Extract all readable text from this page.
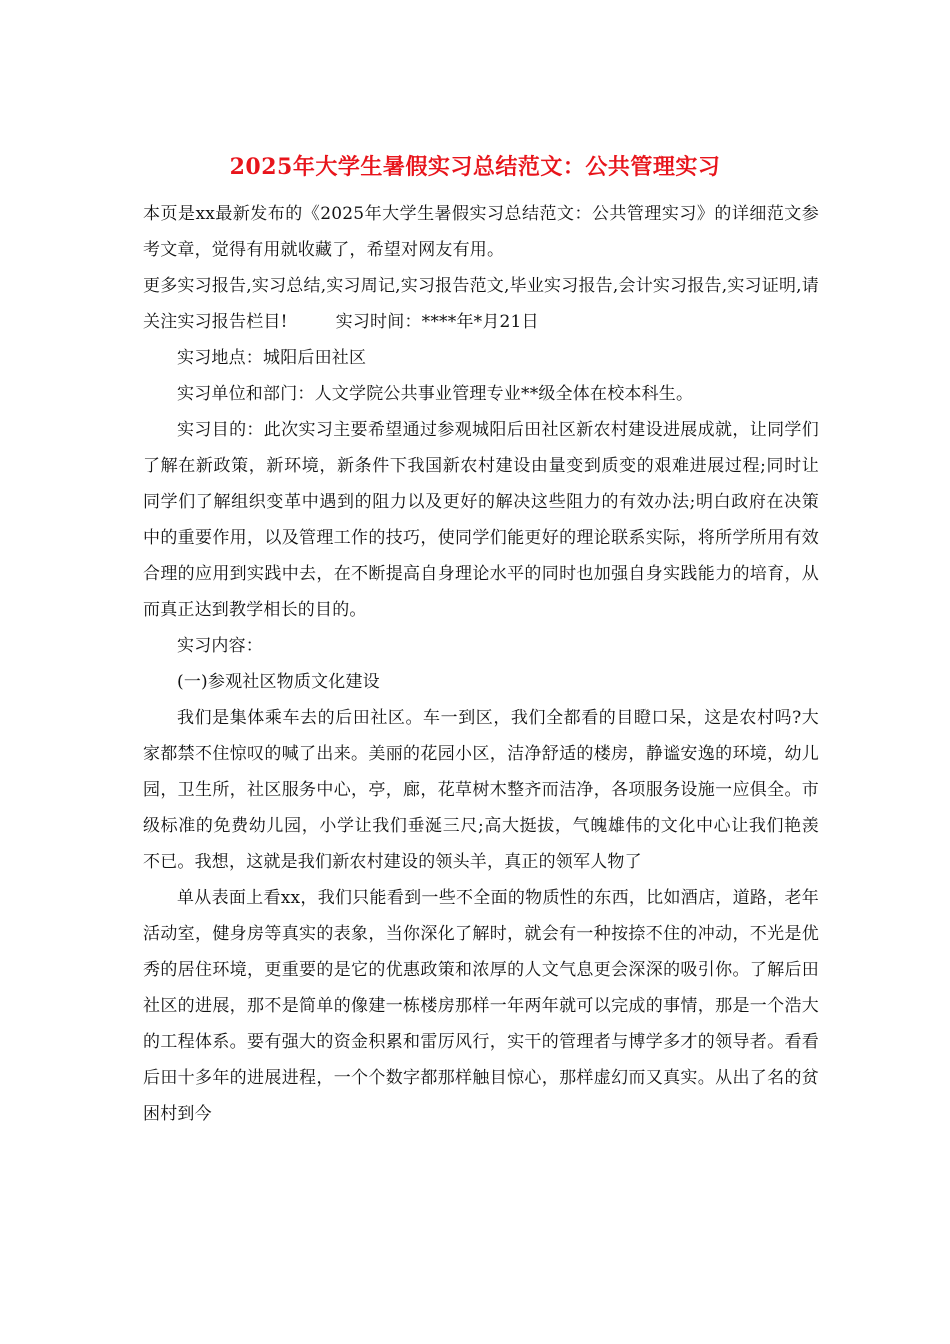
2025年大学生暑假实习总结范文：公共管理实习

本页是xx最新发布的《2025年大学生暑假实习总结范文：公共管理实习》的详细范文参考文章，觉得有用就收藏了，希望对网友有用。

更多实习报告,实习总结,实习周记,实习报告范文,毕业实习报告,会计实习报告,实习证明,请关注实习报告栏目!	实习时间：****年*月21日

实习地点：城阳后田社区

实习单位和部门：人文学院公共事业管理专业**级全体在校本科生。

实习目的：此次实习主要希望通过参观城阳后田社区新农村建设进展成就，让同学们了解在新政策，新环境，新条件下我国新农村建设由量变到质变的艰难进展过程;同时让同学们了解组织变革中遇到的阻力以及更好的解决这些阻力的有效办法;明白政府在决策中的重要作用，以及管理工作的技巧，使同学们能更好的理论联系实际，将所学所用有效合理的应用到实践中去，在不断提高自身理论水平的同时也加强自身实践能力的培育，从而真正达到教学相长的目的。

实习内容：

(一)参观社区物质文化建设

我们是集体乘车去的后田社区。车一到区，我们全都看的目瞪口呆，这是农村吗?大家都禁不住惊叹的喊了出来。美丽的花园小区，洁净舒适的楼房，静谧安逸的环境，幼儿园，卫生所，社区服务中心，亭，廊，花草树木整齐而洁净，各项服务设施一应俱全。市级标准的免费幼儿园，小学让我们垂涎三尺;高大挺拔，气魄雄伟的文化中心让我们艳羡不已。我想，这就是我们新农村建设的领头羊，真正的领军人物了

单从表面上看xx，我们只能看到一些不全面的物质性的东西，比如酒店，道路，老年活动室，健身房等真实的表象，当你深化了解时，就会有一种按捺不住的冲动，不光是优秀的居住环境，更重要的是它的优惠政策和浓厚的人文气息更会深深的吸引你。了解后田社区的进展，那不是简单的像建一栋楼房那样一年两年就可以完成的事情，那是一个浩大的工程体系。要有强大的资金积累和雷厉风行，实干的管理者与博学多才的领导者。看看后田十多年的进展进程，一个个数字都那样触目惊心，那样虚幻而又真实。从出了名的贫困村到今
